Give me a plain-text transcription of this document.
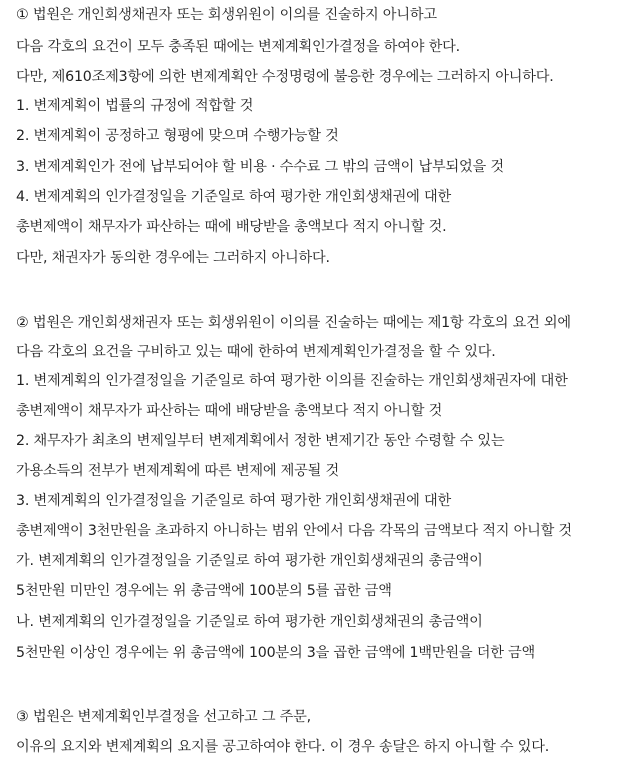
① 법원은 개인회생채권자 또는 회생위원이 이의를 진술하지 아니하고
다음 각호의 요건이 모두 충족된 때에는 변제계획인가결정을 하여야 한다.
다만, 제610조제3항에 의한 변제계획안 수정명령에 불응한 경우에는 그러하지 아니하다.
1. 변제계획이 법률의 규정에 적합할 것
2. 변제계획이 공정하고 형평에 맞으며 수행가능할 것
3. 변제계획인가 전에 납부되어야 할 비용 · 수수료 그 밖의 금액이 납부되었을 것
4. 변제계획의 인가결정일을 기준일로 하여 평가한 개인회생채권에 대한
총변제액이 채무자가 파산하는 때에 배당받을 총액보다 적지 아니할 것.
다만, 채권자가 동의한 경우에는 그러하지 아니하다.
② 법원은 개인회생채권자 또는 회생위원이 이의를 진술하는 때에는 제1항 각호의 요건 외에
다음 각호의 요건을 구비하고 있는 때에 한하여 변제계획인가결정을 할 수 있다.
1. 변제계획의 인가결정일을 기준일로 하여 평가한 이의를 진술하는 개인회생채권자에 대한
총변제액이 채무자가 파산하는 때에 배당받을 총액보다 적지 아니할 것
2. 채무자가 최초의 변제일부터 변제계획에서 정한 변제기간 동안 수령할 수 있는
가용소득의 전부가 변제계획에 따른 변제에 제공될 것
3. 변제계획의 인가결정일을 기준일로 하여 평가한 개인회생채권에 대한
총변제액이 3천만원을 초과하지 아니하는 범위 안에서 다음 각목의 금액보다 적지 아니할 것
가. 변제계획의 인가결정일을 기준일로 하여 평가한 개인회생채권의 총금액이
5천만원 미만인 경우에는 위 총금액에 100분의 5를 곱한 금액
나. 변제계획의 인가결정일을 기준일로 하여 평가한 개인회생채권의 총금액이
5천만원 이상인 경우에는 위 총금액에 100분의 3을 곱한 금액에 1백만원을 더한 금액
③ 법원은 변제계획인부결정을 선고하고 그 주문,
이유의 요지와 변제계획의 요지를 공고하여야 한다. 이 경우 송달은 하지 아니할 수 있다.
